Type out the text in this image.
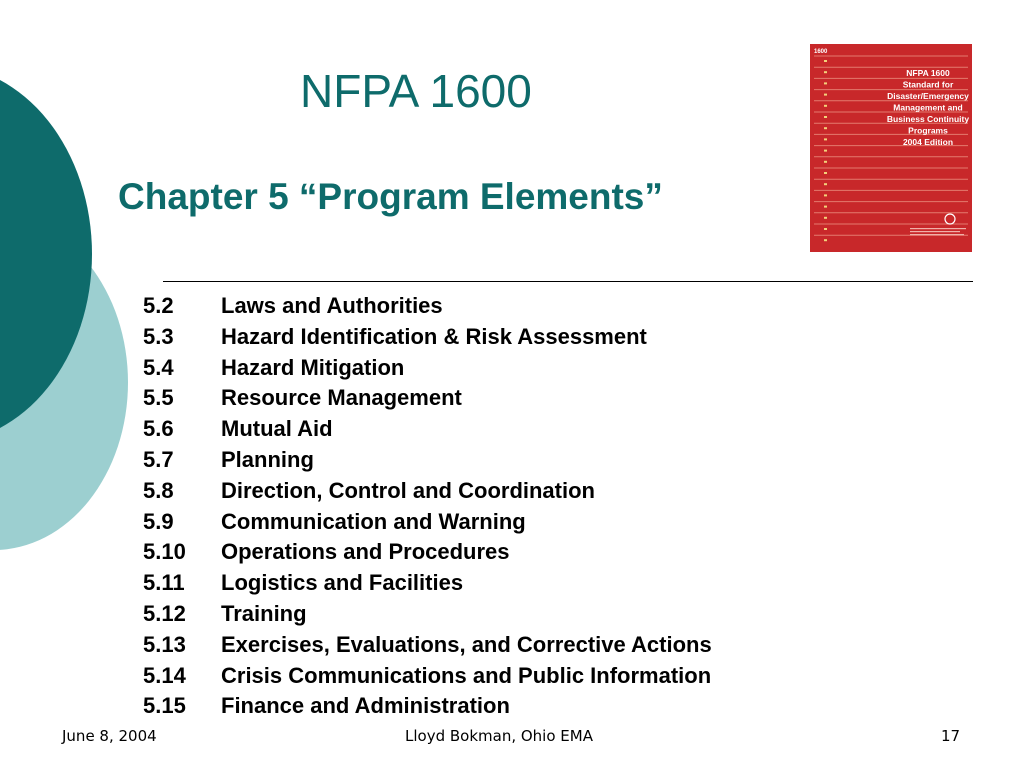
NFPA 1600
Chapter 5 “Program Elements”
1600
NFPA 1600 Standard for Disaster/Emergency Management and Business Continuity Programs 2004 Edition
5.2 Laws and Authorities
5.3 Hazard Identification & Risk Assessment
5.4 Hazard Mitigation
5.5 Resource Management
5.6 Mutual Aid
5.7 Planning
5.8 Direction, Control and Coordination
5.9 Communication and Warning
5.10 Operations and Procedures
5.11 Logistics and Facilities
5.12 Training
5.13 Exercises, Evaluations, and Corrective Actions
5.14 Crisis Communications and Public Information
5.15 Finance and Administration
June 8, 2004	Lloyd Bokman, Ohio EMA	17
